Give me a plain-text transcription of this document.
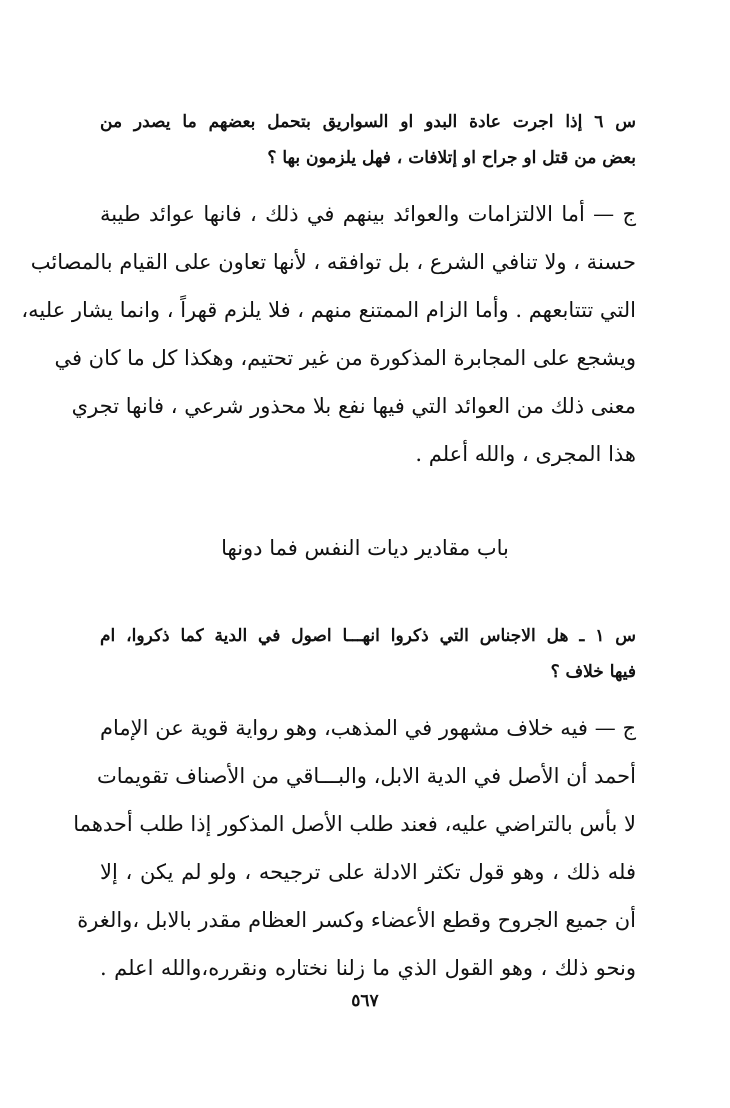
س ٦ إذا اجرت عادة البدو او السواريق بتحمل بعضهم ما يصدر من
بعض من قتل او جراح او إتلافات ، فهل يلزمون بها ؟
ج — أما الالتزامات والعوائد بينهم في ذلك ، فانها عوائد طيبة
حسنة ، ولا تنافي الشرع ، بل توافقه ، لأنها تعاون على القيام بالمصائب
التي تتتابعهم . وأما الزام الممتنع منهم ، فلا يلزم قهراً ، وانما يشار عليه،
ويشجع على المجابرة المذكورة من غير تحتيم، وهكذا كل ما كان في
معنى ذلك من العوائد التي فيها نفع بلا محذور شرعي ، فانها تجري
هذا المجرى ، والله أعلم .
باب مقادير ديات النفس فما دونها
س ١ ـ هل الاجناس التي ذكروا انهـــا اصول في الدية كما ذكروا، ام
فيها خلاف ؟
ج — فيه خلاف مشهور في المذهب، وهو رواية قوية عن الإمام
أحمد أن الأصل في الدية الابل، والبـــاقي من الأصناف تقويمات
لا بأس بالتراضي عليه، فعند طلب الأصل المذكور إذا طلب أحدهما
فله ذلك ، وهو قول تكثر الادلة على ترجيحه ، ولو لم يكن ، إلا
أن جميع الجروح وقطع الأعضاء وكسر العظام مقدر بالابل ،والغرة
ونحو ذلك ، وهو القول الذي ما زلنا نختاره ونقرره،والله اعلم .
٥٦٧
